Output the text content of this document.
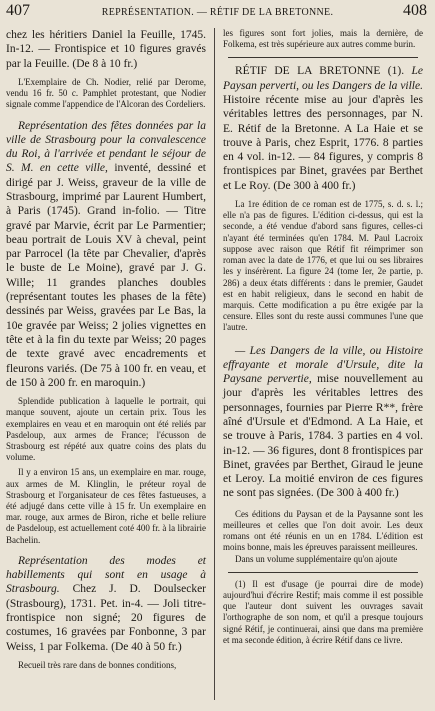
407	REPRÉSENTATION. — RÉTIF DE LA BRETONNE.	408

chez les héritiers Daniel la Feuille, 1745. In-12. — Frontispice et 10 figures gravés par la Feuille. (De 8 à 10 fr.)

L'Exemplaire de Ch. Nodier, relié par Derome, vendu 16 fr. 50 c. Pamphlet protestant, que Nodier signale comme l'appendice de l'Alcoran des Cordeliers.

Représentation des fêtes données par la ville de Strasbourg pour la convalescence du Roi, à l'arrivée et pendant le séjour de S. M. en cette ville, inventé, dessiné et dirigé par J. Weiss, graveur de la ville de Strasbourg, imprimé par Laurent Humbert, à Paris (1745). Grand in-folio. — Titre gravé par Marvie, écrit par Le Parmentier; beau portrait de Louis XV à cheval, peint par Parrocel (la tête par Chevalier, d'après le buste de Le Moine), gravé par J. G. Wille; 11 grandes planches doubles (représentant toutes les phases de la fête) dessinés par Weiss, gravées par Le Bas, la 10e gravée par Weiss; 2 jolies vignettes en tête et à la fin du texte par Weiss; 20 pages de texte gravé avec encadrements et fleurons variés. (De 75 à 100 fr. en veau, et de 150 à 200 fr. en maroquin.)

Splendide publication à laquelle le portrait, qui manque souvent, ajoute un certain prix. Tous les exemplaires en veau et en maroquin ont été reliés par Pasdeloup, aux armes de France; l'écusson de Strasbourg est répété aux quatre coins des plats du volume.

Il y a environ 15 ans, un exemplaire en mar. rouge, aux armes de M. Klinglin, le préteur royal de Strasbourg et l'organisateur de ces fêtes fastueuses, a été adjugé dans cette ville à 15 fr. Un exemplaire en mar. rouge, aux armes de Biron, riche et belle reliure de Pasdeloup, est actuellement coté 400 fr. à la librairie Bachelin.

Représentation des modes et habillements qui sont en usage à Strasbourg. Chez J. D. Doulsecker (Strasbourg), 1731. Pet. in-4. — Joli titre-frontispice non signé; 20 figures de costumes, 16 gravées par Fonbonne, 3 par Weiss, 1 par Folkema. (De 40 à 50 fr.)

Recueil très rare dans de bonnes conditions,

les figures sont fort jolies, mais la dernière, de Folkema, est très supérieure aux autres comme burin.

RÉTIF DE LA BRETONNE (1). Le Paysan perverti, ou les Dangers de la ville. Histoire récente mise au jour d'après les véritables lettres des personnages, par N. E. Rétif de la Bretonne. A La Haie et se trouve à Paris, chez Esprit, 1776. 8 parties en 4 vol. in-12. — 84 figures, y compris 8 frontispices par Binet, gravées par Berthet et Le Roy. (De 300 à 400 fr.)

La 1re édition de ce roman est de 1775, s. d. s. l.; elle n'a pas de figures. L'édition ci-dessus, qui est la seconde, a été vendue d'abord sans figures, celles-ci n'ayant été terminées qu'en 1784. M. Paul Lacroix suppose avec raison que Rétif fit réimprimer son roman avec la date de 1776, et que lui ou ses libraires les y insérèrent. La figure 24 (tome Ier, 2e partie, p. 286) a deux états différents : dans le premier, Gaudet est en habit religieux, dans le second en habit de marquis. Cette modification a pu être exigée par la censure. Elles sont du reste aussi communes l'une que l'autre.

— Les Dangers de la ville, ou Histoire effrayante et morale d'Ursule, dite la Paysane pervertie, mise nouvellement au jour d'après les véritables lettres des personnages, fournies par Pierre R**, frère aîné d'Ursule et d'Edmond. A La Haie, et se trouve à Paris, 1784. 3 parties en 4 vol. in-12. — 36 figures, dont 8 frontispices par Binet, gravées par Berthet, Giraud le jeune et Leroy. La moitié environ de ces figures ne sont pas signées. (De 300 à 400 fr.)

Ces éditions du Paysan et de la Paysanne sont les meilleures et celles que l'on doit avoir. Les deux romans ont été réunis en un en 1784. L'édition est moins bonne, mais les épreuves paraissent meilleures.

Dans un volume supplémentaire qu'on ajoute

(1) Il est d'usage (je pourrai dire de mode) aujourd'hui d'écrire Restif; mais comme il est possible que l'auteur dont suivent les ouvrages savait l'orthographe de son nom, et qu'il a presque toujours signé Rétif, je continuerai, ainsi que dans ma première et ma seconde édition, à écrire Rétif dans ce livre.
